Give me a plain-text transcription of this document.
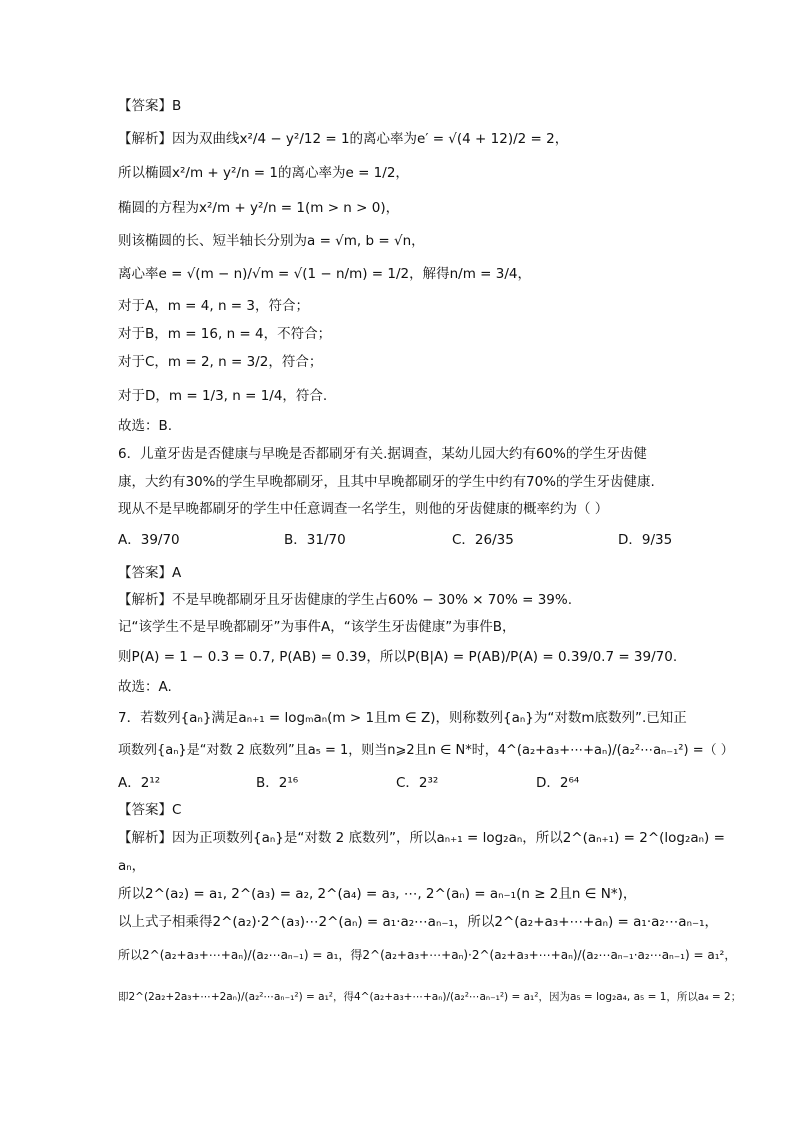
【答案】B
【解析】因为双曲线x²/4 − y²/12 = 1的离心率为e′ = √(4 + 12)/2 = 2，
所以椭圆x²/m + y²/n = 1的离心率为e = 1/2，
椭圆的方程为x²/m + y²/n = 1(m > n > 0)，
则该椭圆的长、短半轴长分别为a = √m, b = √n，
离心率e = √(m − n)/√m = √(1 − n/m) = 1/2，解得n/m = 3/4，
对于A，m = 4, n = 3，符合；
对于B，m = 16, n = 4，不符合；
对于C，m = 2, n = 3/2，符合；
对于D，m = 1/3, n = 1/4，符合.
故选：B.
6．儿童牙齿是否健康与早晚是否都刷牙有关.据调查，某幼儿园大约有60%的学生牙齿健
康，大约有30%的学生早晚都刷牙，且其中早晚都刷牙的学生中约有70%的学生牙齿健康.
现从不是早晚都刷牙的学生中任意调查一名学生，则他的牙齿健康的概率约为（ ）
A．39/70	B．31/70	C．26/35	D．9/35
【答案】A
【解析】不是早晚都刷牙且牙齿健康的学生占60% − 30% × 70% = 39%.
记“该学生不是早晚都刷牙”为事件A，“该学生牙齿健康”为事件B，
则P(A) = 1 − 0.3 = 0.7, P(AB) = 0.39，所以P(B|A) = P(AB)/P(A) = 0.39/0.7 = 39/70.
故选：A.
7．若数列{aₙ}满足aₙ₊₁ = logₘaₙ(m > 1且m ∈ Z)，则称数列{aₙ}为“对数m底数列”.已知正
项数列{aₙ}是“对数 2 底数列”且a₅ = 1，则当n⩾2且n ∈ N*时，4^(a₂+a₃+⋯+aₙ)/(a₂²⋯aₙ₋₁²) =（ ）
A．2¹²	B．2¹⁶	C．2³²	D．2⁶⁴
【答案】C
【解析】因为正项数列{aₙ}是“对数 2 底数列”，所以aₙ₊₁ = log₂aₙ，所以2^(aₙ₊₁) = 2^(log₂aₙ) =
aₙ，
所以2^(a₂) = a₁, 2^(a₃) = a₂, 2^(a₄) = a₃, ⋯, 2^(aₙ) = aₙ₋₁(n ≥ 2且n ∈ N*)，
以上式子相乘得2^(a₂)·2^(a₃)⋯2^(aₙ) = a₁·a₂⋯aₙ₋₁，所以2^(a₂+a₃+⋯+aₙ) = a₁·a₂⋯aₙ₋₁，
所以2^(a₂+a₃+⋯+aₙ)/(a₂⋯aₙ₋₁) = a₁，得2^(a₂+a₃+⋯+aₙ)·2^(a₂+a₃+⋯+aₙ)/(a₂⋯aₙ₋₁·a₂⋯aₙ₋₁) = a₁²，
即2^(2a₂+2a₃+⋯+2aₙ)/(a₂²⋯aₙ₋₁²) = a₁²，得4^(a₂+a₃+⋯+aₙ)/(a₂²⋯aₙ₋₁²) = a₁²，因为a₅ = log₂a₄, a₅ = 1，所以a₄ = 2；
